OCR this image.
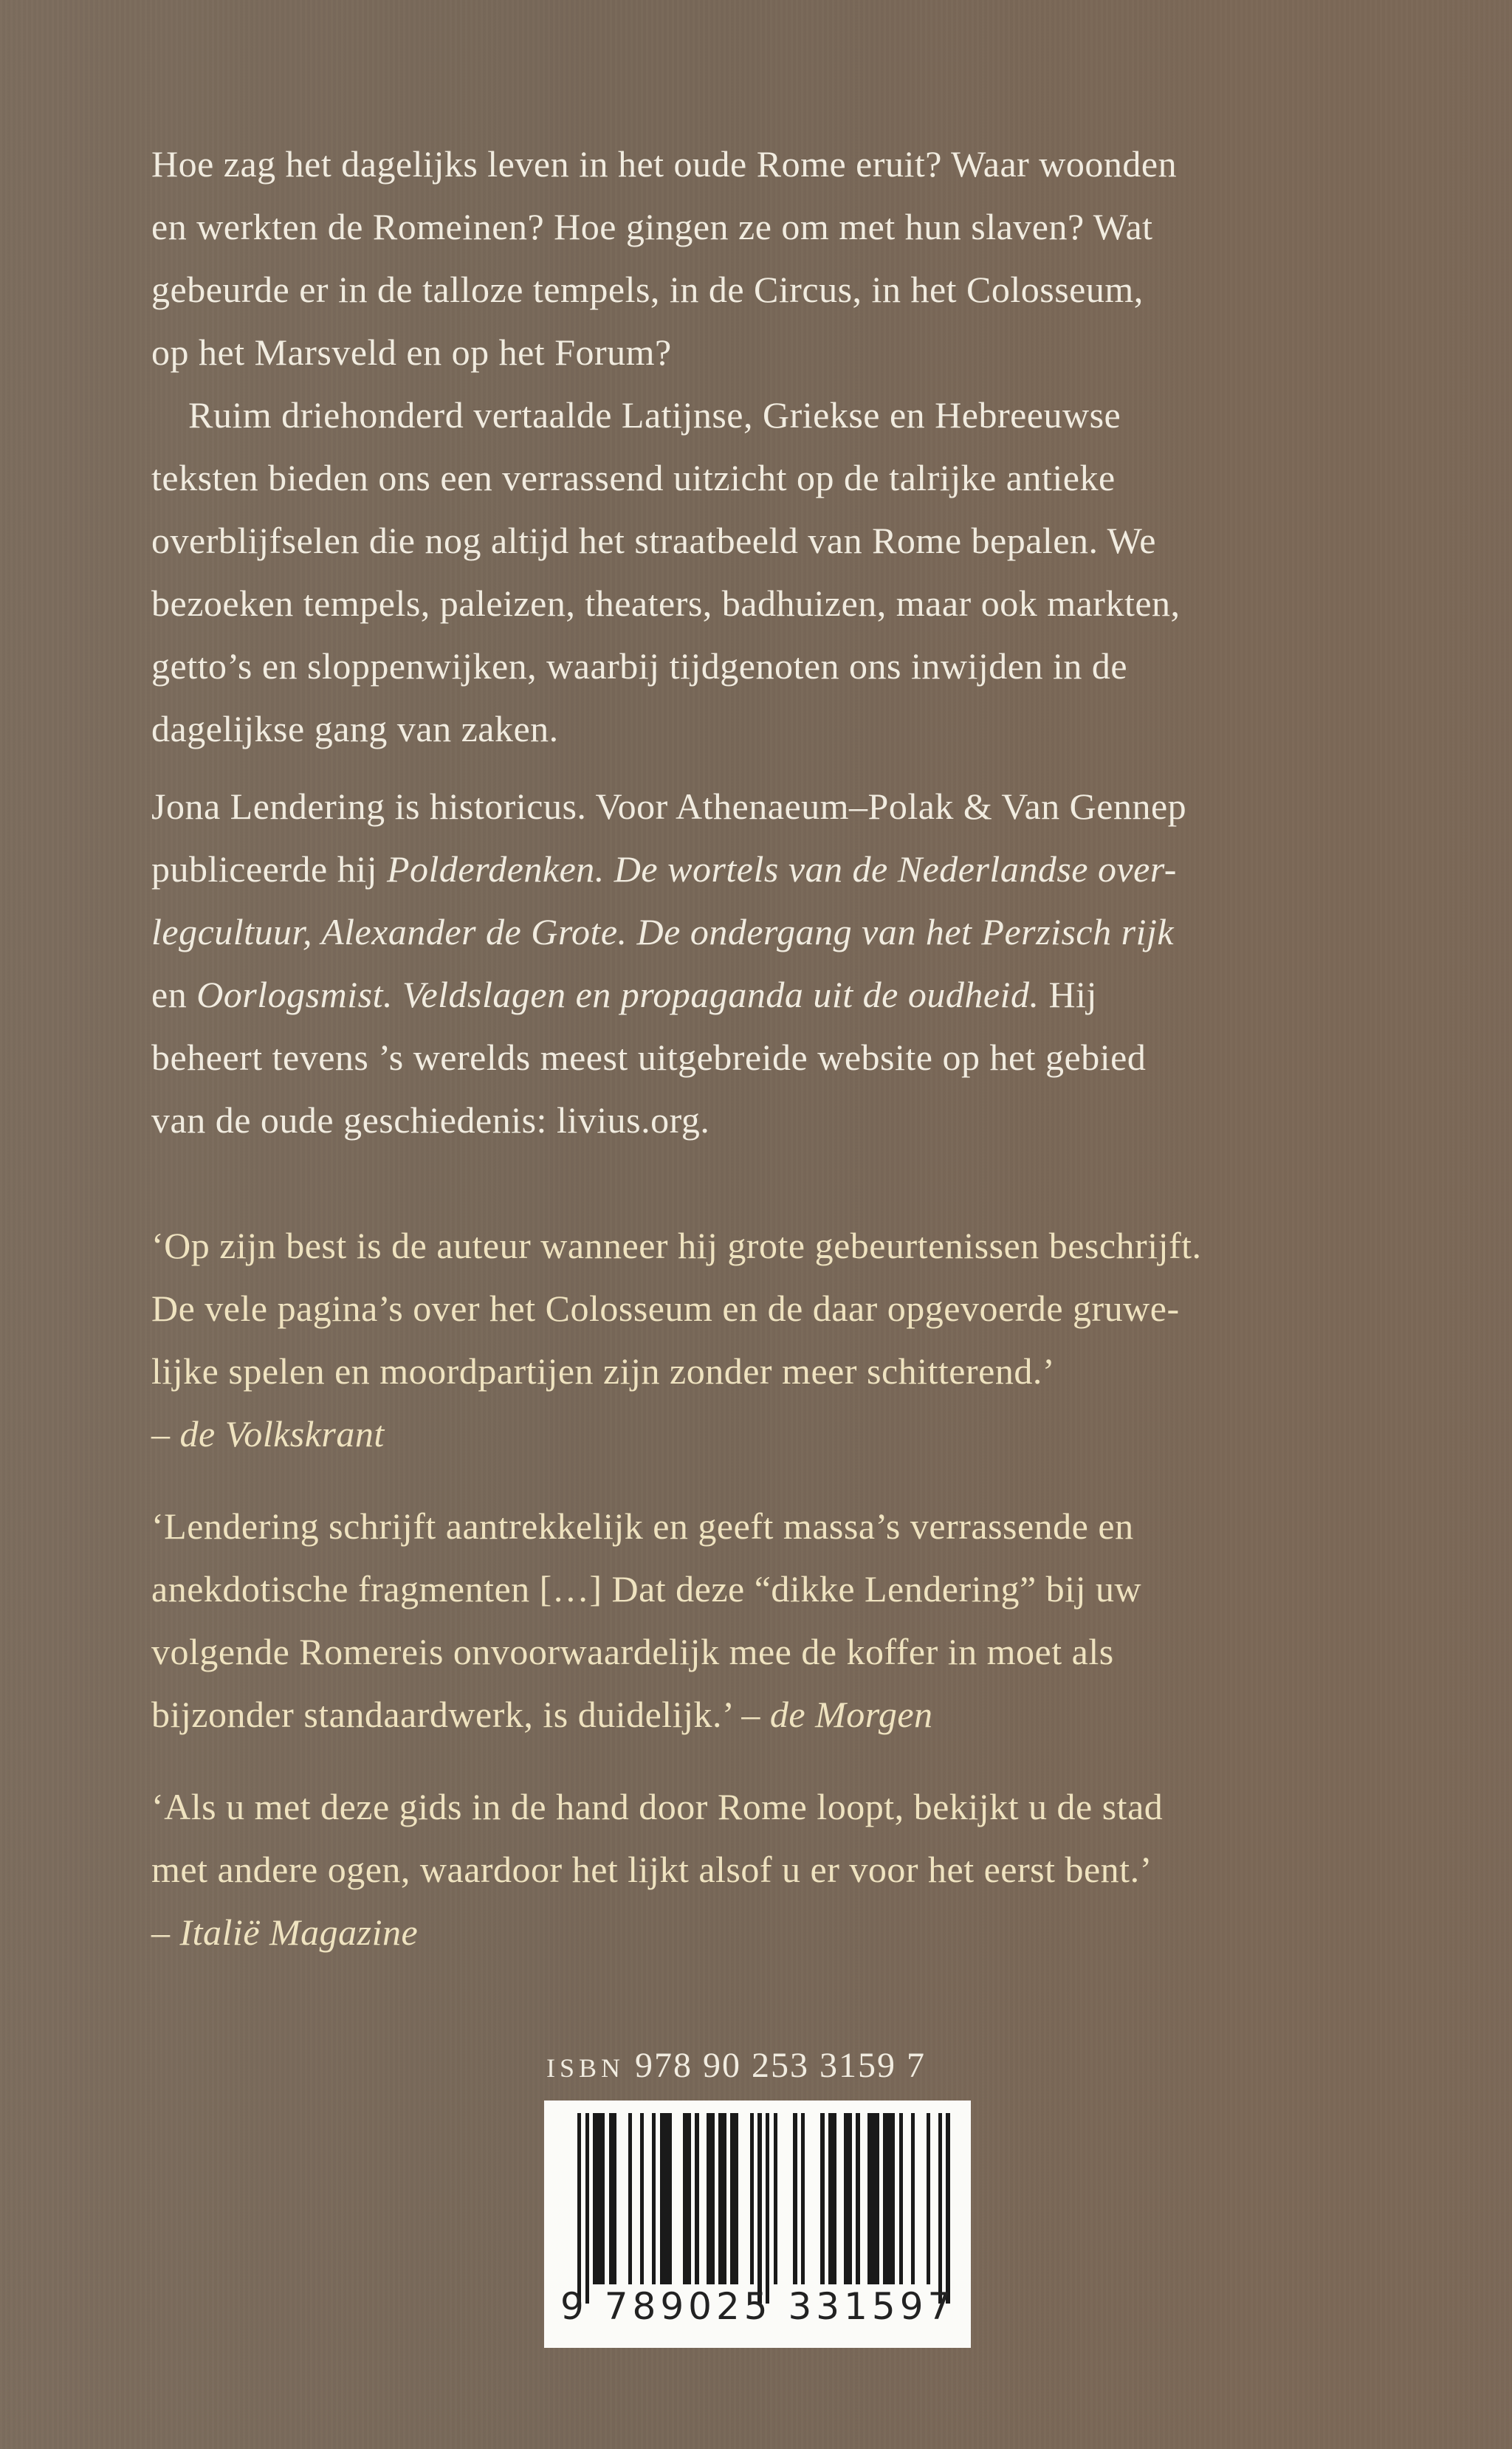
Hoe zag het dagelijks leven in het oude Rome eruit? Waar woonden
en werkten de Romeinen? Hoe gingen ze om met hun slaven? Wat
gebeurde er in de talloze tempels, in de Circus, in het Colosseum,
op het Marsveld en op het Forum?

Ruim driehonderd vertaalde Latijnse, Griekse en Hebreeuwse
teksten bieden ons een verrassend uitzicht op de talrijke antieke
overblijfselen die nog altijd het straatbeeld van Rome bepalen. We
bezoeken tempels, paleizen, theaters, badhuizen, maar ook markten,
getto’s en sloppenwijken, waarbij tijdgenoten ons inwijden in de
dagelijkse gang van zaken.

Jona Lendering is historicus. Voor Athenaeum–Polak & Van Gennep
publiceerde hij Polderdenken. De wortels van de Nederlandse over-
legcultuur, Alexander de Grote. De ondergang van het Perzisch rijk
en Oorlogsmist. Veldslagen en propaganda uit de oudheid. Hij
beheert tevens ’s werelds meest uitgebreide website op het gebied
van de oude geschiedenis: livius.org.

‘Op zijn best is de auteur wanneer hij grote gebeurtenissen beschrijft.
De vele pagina’s over het Colosseum en de daar opgevoerde gruwe-
lijke spelen en moordpartijen zijn zonder meer schitterend.’
– de Volkskrant

‘Lendering schrijft aantrekkelijk en geeft massa’s verrassende en
anekdotische fragmenten […] Dat deze “dikke Lendering” bij uw
volgende Romereis onvoorwaardelijk mee de koffer in moet als
bijzonder standaardwerk, is duidelijk.’ – de Morgen

‘Als u met deze gids in de hand door Rome loopt, bekijkt u de stad
met andere ogen, waardoor het lijkt alsof u er voor het eerst bent.’
– Italië Magazine

ISBN 978 90 253 3159 7
9 789025 331597
